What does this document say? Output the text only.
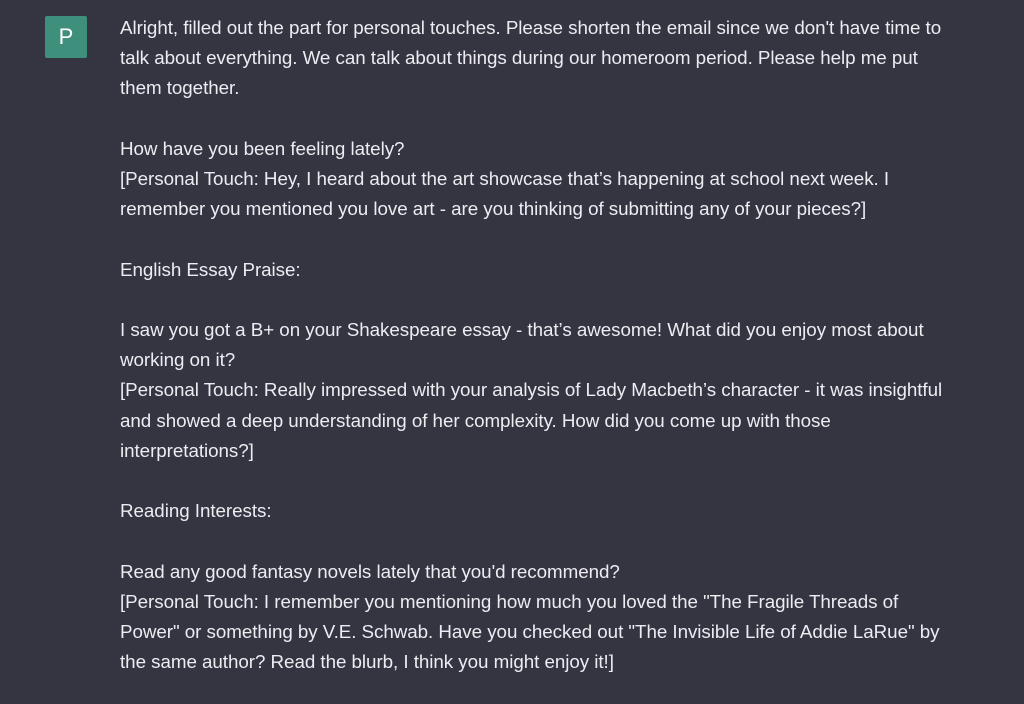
P	Alright, filled out the part for personal touches. Please shorten the email since we don't have time to talk about everything. We can talk about things during our homeroom period. Please help me put them together.

How have you been feeling lately?

[Personal Touch: Hey, I heard about the art showcase that’s happening at school next week. I remember you mentioned you love art - are you thinking of submitting any of your pieces?]

English Essay Praise:

I saw you got a B+ on your Shakespeare essay - that’s awesome! What did you enjoy most about working on it?

[Personal Touch: Really impressed with your analysis of Lady Macbeth’s character - it was insightful and showed a deep understanding of her complexity. How did you come up with those interpretations?]

Reading Interests:

Read any good fantasy novels lately that you'd recommend?

[Personal Touch: I remember you mentioning how much you loved the "The Fragile Threads of Power" or something by V.E. Schwab. Have you checked out "The Invisible Life of Addie LaRue" by the same author? Read the blurb, I think you might enjoy it!]
